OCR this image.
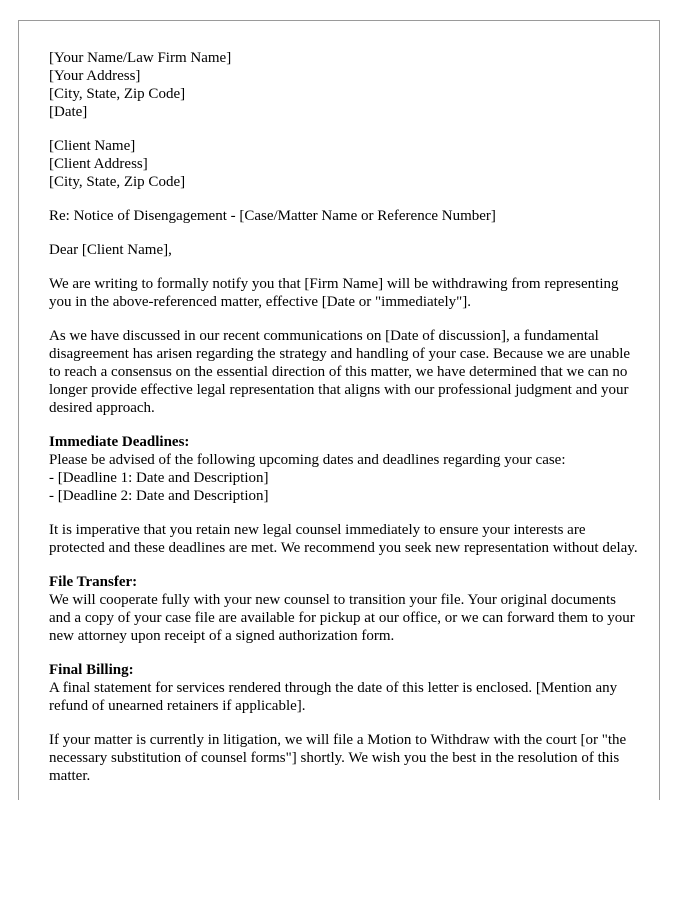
[Your Name/Law Firm Name]
[Your Address]
[City, State, Zip Code]
[Date]
[Client Name]
[Client Address]
[City, State, Zip Code]

Re: Notice of Disengagement - [Case/Matter Name or Reference Number]

Dear [Client Name],

We are writing to formally notify you that [Firm Name] will be withdrawing from representing you in the above-referenced matter, effective [Date or "immediately"].

As we have discussed in our recent communications on [Date of discussion], a fundamental disagreement has arisen regarding the strategy and handling of your case. Because we are unable to reach a consensus on the essential direction of this matter, we have determined that we can no longer provide effective legal representation that aligns with our professional judgment and your desired approach.

Immediate Deadlines:
Please be advised of the following upcoming dates and deadlines regarding your case:
- [Deadline 1: Date and Description]
- [Deadline 2: Date and Description]

It is imperative that you retain new legal counsel immediately to ensure your interests are protected and these deadlines are met. We recommend you seek new representation without delay.

File Transfer:
We will cooperate fully with your new counsel to transition your file. Your original documents and a copy of your case file are available for pickup at our office, or we can forward them to your new attorney upon receipt of a signed authorization form.
Final Billing:
A final statement for services rendered through the date of this letter is enclosed. [Mention any refund of unearned retainers if applicable].

If your matter is currently in litigation, we will file a Motion to Withdraw with the court [or "the necessary substitution of counsel forms"] shortly. We wish you the best in the resolution of this matter.
